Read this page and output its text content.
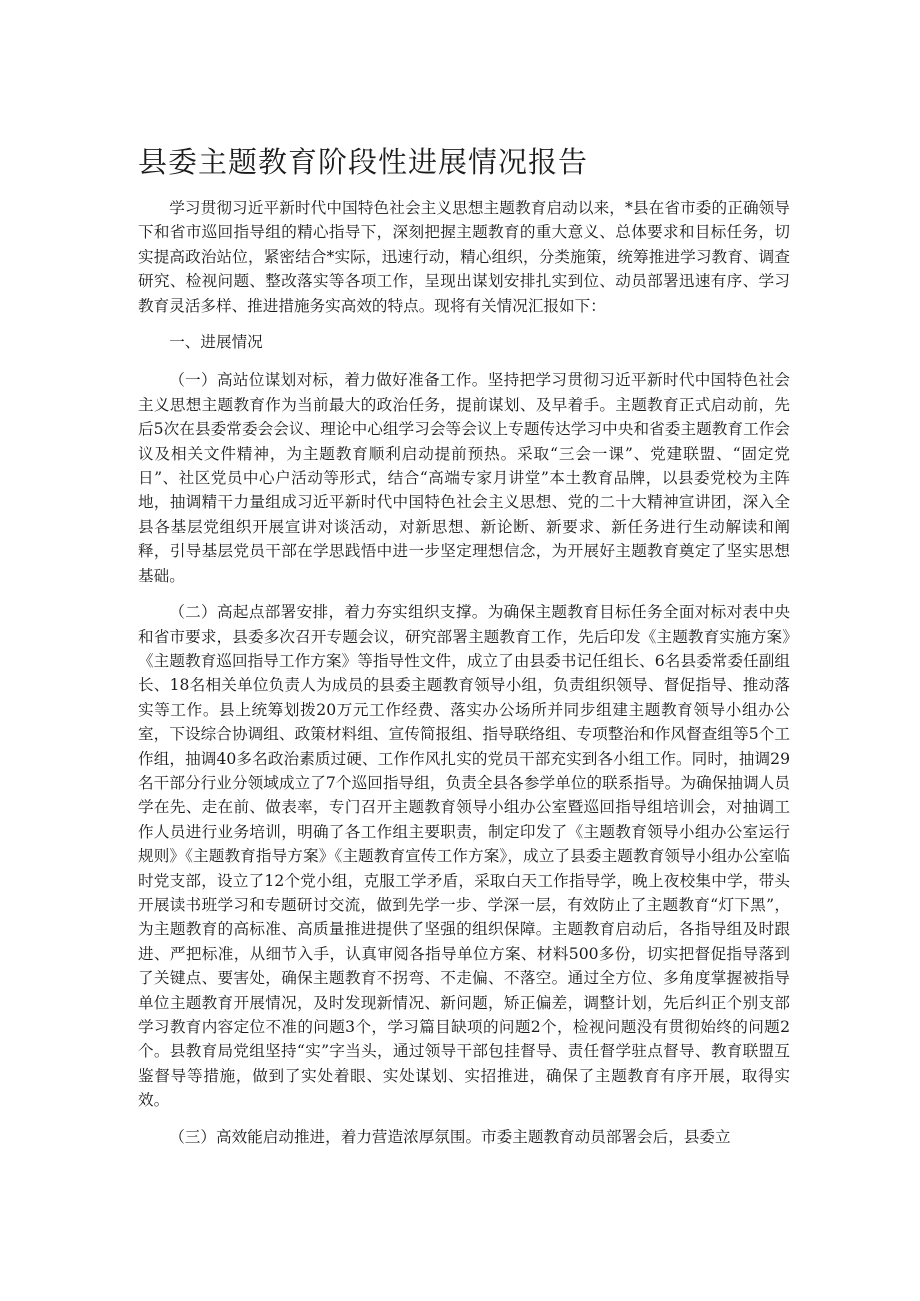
县委主题教育阶段性进展情况报告

学习贯彻习近平新时代中国特色社会主义思想主题教育启动以来，*县在省市委的正确领导下和省市巡回指导组的精心指导下，深刻把握主题教育的重大意义、总体要求和目标任务，切实提高政治站位，紧密结合*实际，迅速行动，精心组织，分类施策，统筹推进学习教育、调查研究、检视问题、整改落实等各项工作，呈现出谋划安排扎实到位、动员部署迅速有序、学习教育灵活多样、推进措施务实高效的特点。现将有关情况汇报如下：

一、进展情况

（一）高站位谋划对标，着力做好准备工作。坚持把学习贯彻习近平新时代中国特色社会主义思想主题教育作为当前最大的政治任务，提前谋划、及早着手。主题教育正式启动前，先后5次在县委常委会会议、理论中心组学习会等会议上专题传达学习中央和省委主题教育工作会议及相关文件精神，为主题教育顺利启动提前预热。采取“三会一课”、党建联盟、“固定党日”、社区党员中心户活动等形式，结合“高端专家月讲堂”本土教育品牌，以县委党校为主阵地，抽调精干力量组成习近平新时代中国特色社会主义思想、党的二十大精神宣讲团，深入全县各基层党组织开展宣讲对谈活动，对新思想、新论断、新要求、新任务进行生动解读和阐释，引导基层党员干部在学思践悟中进一步坚定理想信念，为开展好主题教育奠定了坚实思想基础。

（二）高起点部署安排，着力夯实组织支撑。为确保主题教育目标任务全面对标对表中央和省市要求，县委多次召开专题会议，研究部署主题教育工作，先后印发《主题教育实施方案》《主题教育巡回指导工作方案》等指导性文件，成立了由县委书记任组长、6名县委常委任副组长、18名相关单位负责人为成员的县委主题教育领导小组，负责组织领导、督促指导、推动落实等工作。县上统筹划拨20万元工作经费、落实办公场所并同步组建主题教育领导小组办公室，下设综合协调组、政策材料组、宣传简报组、指导联络组、专项整治和作风督查组等5个工作组，抽调40多名政治素质过硬、工作作风扎实的党员干部充实到各小组工作。同时，抽调29名干部分行业分领域成立了7个巡回指导组，负责全县各参学单位的联系指导。为确保抽调人员学在先、走在前、做表率，专门召开主题教育领导小组办公室暨巡回指导组培训会，对抽调工作人员进行业务培训，明确了各工作组主要职责，制定印发了《主题教育领导小组办公室运行规则》《主题教育指导方案》《主题教育宣传工作方案》，成立了县委主题教育领导小组办公室临时党支部，设立了12个党小组，克服工学矛盾，采取白天工作指导学，晚上夜校集中学，带头开展读书班学习和专题研讨交流，做到先学一步、学深一层，有效防止了主题教育“灯下黑”，为主题教育的高标准、高质量推进提供了坚强的组织保障。主题教育启动后，各指导组及时跟进、严把标准，从细节入手，认真审阅各指导单位方案、材料500多份，切实把督促指导落到了关键点、要害处，确保主题教育不拐弯、不走偏、不落空。通过全方位、多角度掌握被指导单位主题教育开展情况，及时发现新情况、新问题，矫正偏差，调整计划，先后纠正个别支部学习教育内容定位不准的问题3个，学习篇目缺项的问题2个，检视问题没有贯彻始终的问题2个。县教育局党组坚持“实”字当头，通过领导干部包挂督导、责任督学驻点督导、教育联盟互鉴督导等措施，做到了实处着眼、实处谋划、实招推进，确保了主题教育有序开展，取得实效。

（三）高效能启动推进，着力营造浓厚氛围。市委主题教育动员部署会后，县委立
